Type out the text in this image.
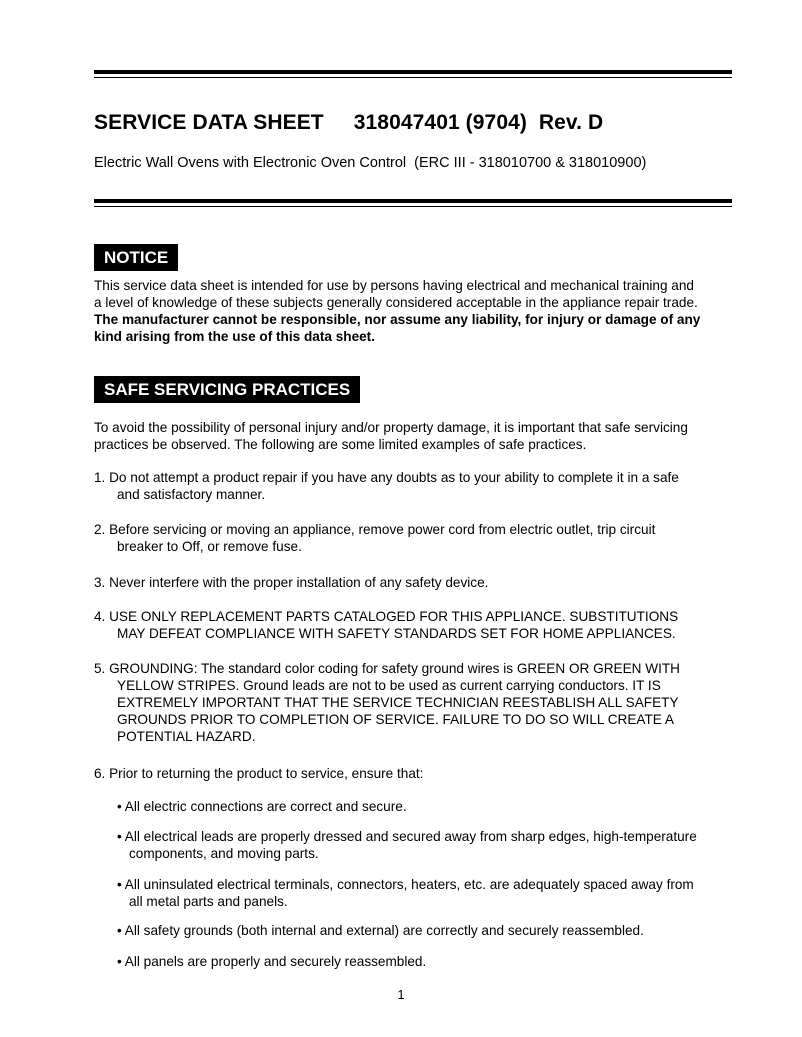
SERVICE DATA SHEET 318047401 (9704)  Rev. D
Electric Wall Ovens with Electronic Oven Control  (ERC III - 318010700 & 318010900)
NOTICE
This service data sheet is intended for use by persons having electrical and mechanical training and
a level of knowledge of these subjects generally considered acceptable in the appliance repair trade.
The manufacturer cannot be responsible, nor assume any liability, for injury or damage of any
kind arising from the use of this data sheet.
SAFE SERVICING PRACTICES
To avoid the possibility of personal injury and/or property damage, it is important that safe servicing
practices be observed. The following are some limited examples of safe practices.
1. Do not attempt a product repair if you have any doubts as to your ability to complete it in a safe
and satisfactory manner.
2. Before servicing or moving an appliance, remove power cord from electric outlet, trip circuit
breaker to Off, or remove fuse.
3. Never interfere with the proper installation of any safety device.
4. USE ONLY REPLACEMENT PARTS CATALOGED FOR THIS APPLIANCE. SUBSTITUTIONS
MAY DEFEAT COMPLIANCE WITH SAFETY STANDARDS SET FOR HOME APPLIANCES.
5. GROUNDING: The standard color coding for safety ground wires is GREEN OR GREEN WITH
YELLOW STRIPES. Ground leads are not to be used as current carrying conductors. IT IS
EXTREMELY IMPORTANT THAT THE SERVICE TECHNICIAN REESTABLISH ALL SAFETY
GROUNDS PRIOR TO COMPLETION OF SERVICE. FAILURE TO DO SO WILL CREATE A
POTENTIAL HAZARD.
6. Prior to returning the product to service, ensure that:
• All electric connections are correct and secure.
• All electrical leads are properly dressed and secured away from sharp edges, high-temperature
components, and moving parts.
• All uninsulated electrical terminals, connectors, heaters, etc. are adequately spaced away from
all metal parts and panels.
• All safety grounds (both internal and external) are correctly and securely reassembled.
• All panels are properly and securely reassembled.
1
